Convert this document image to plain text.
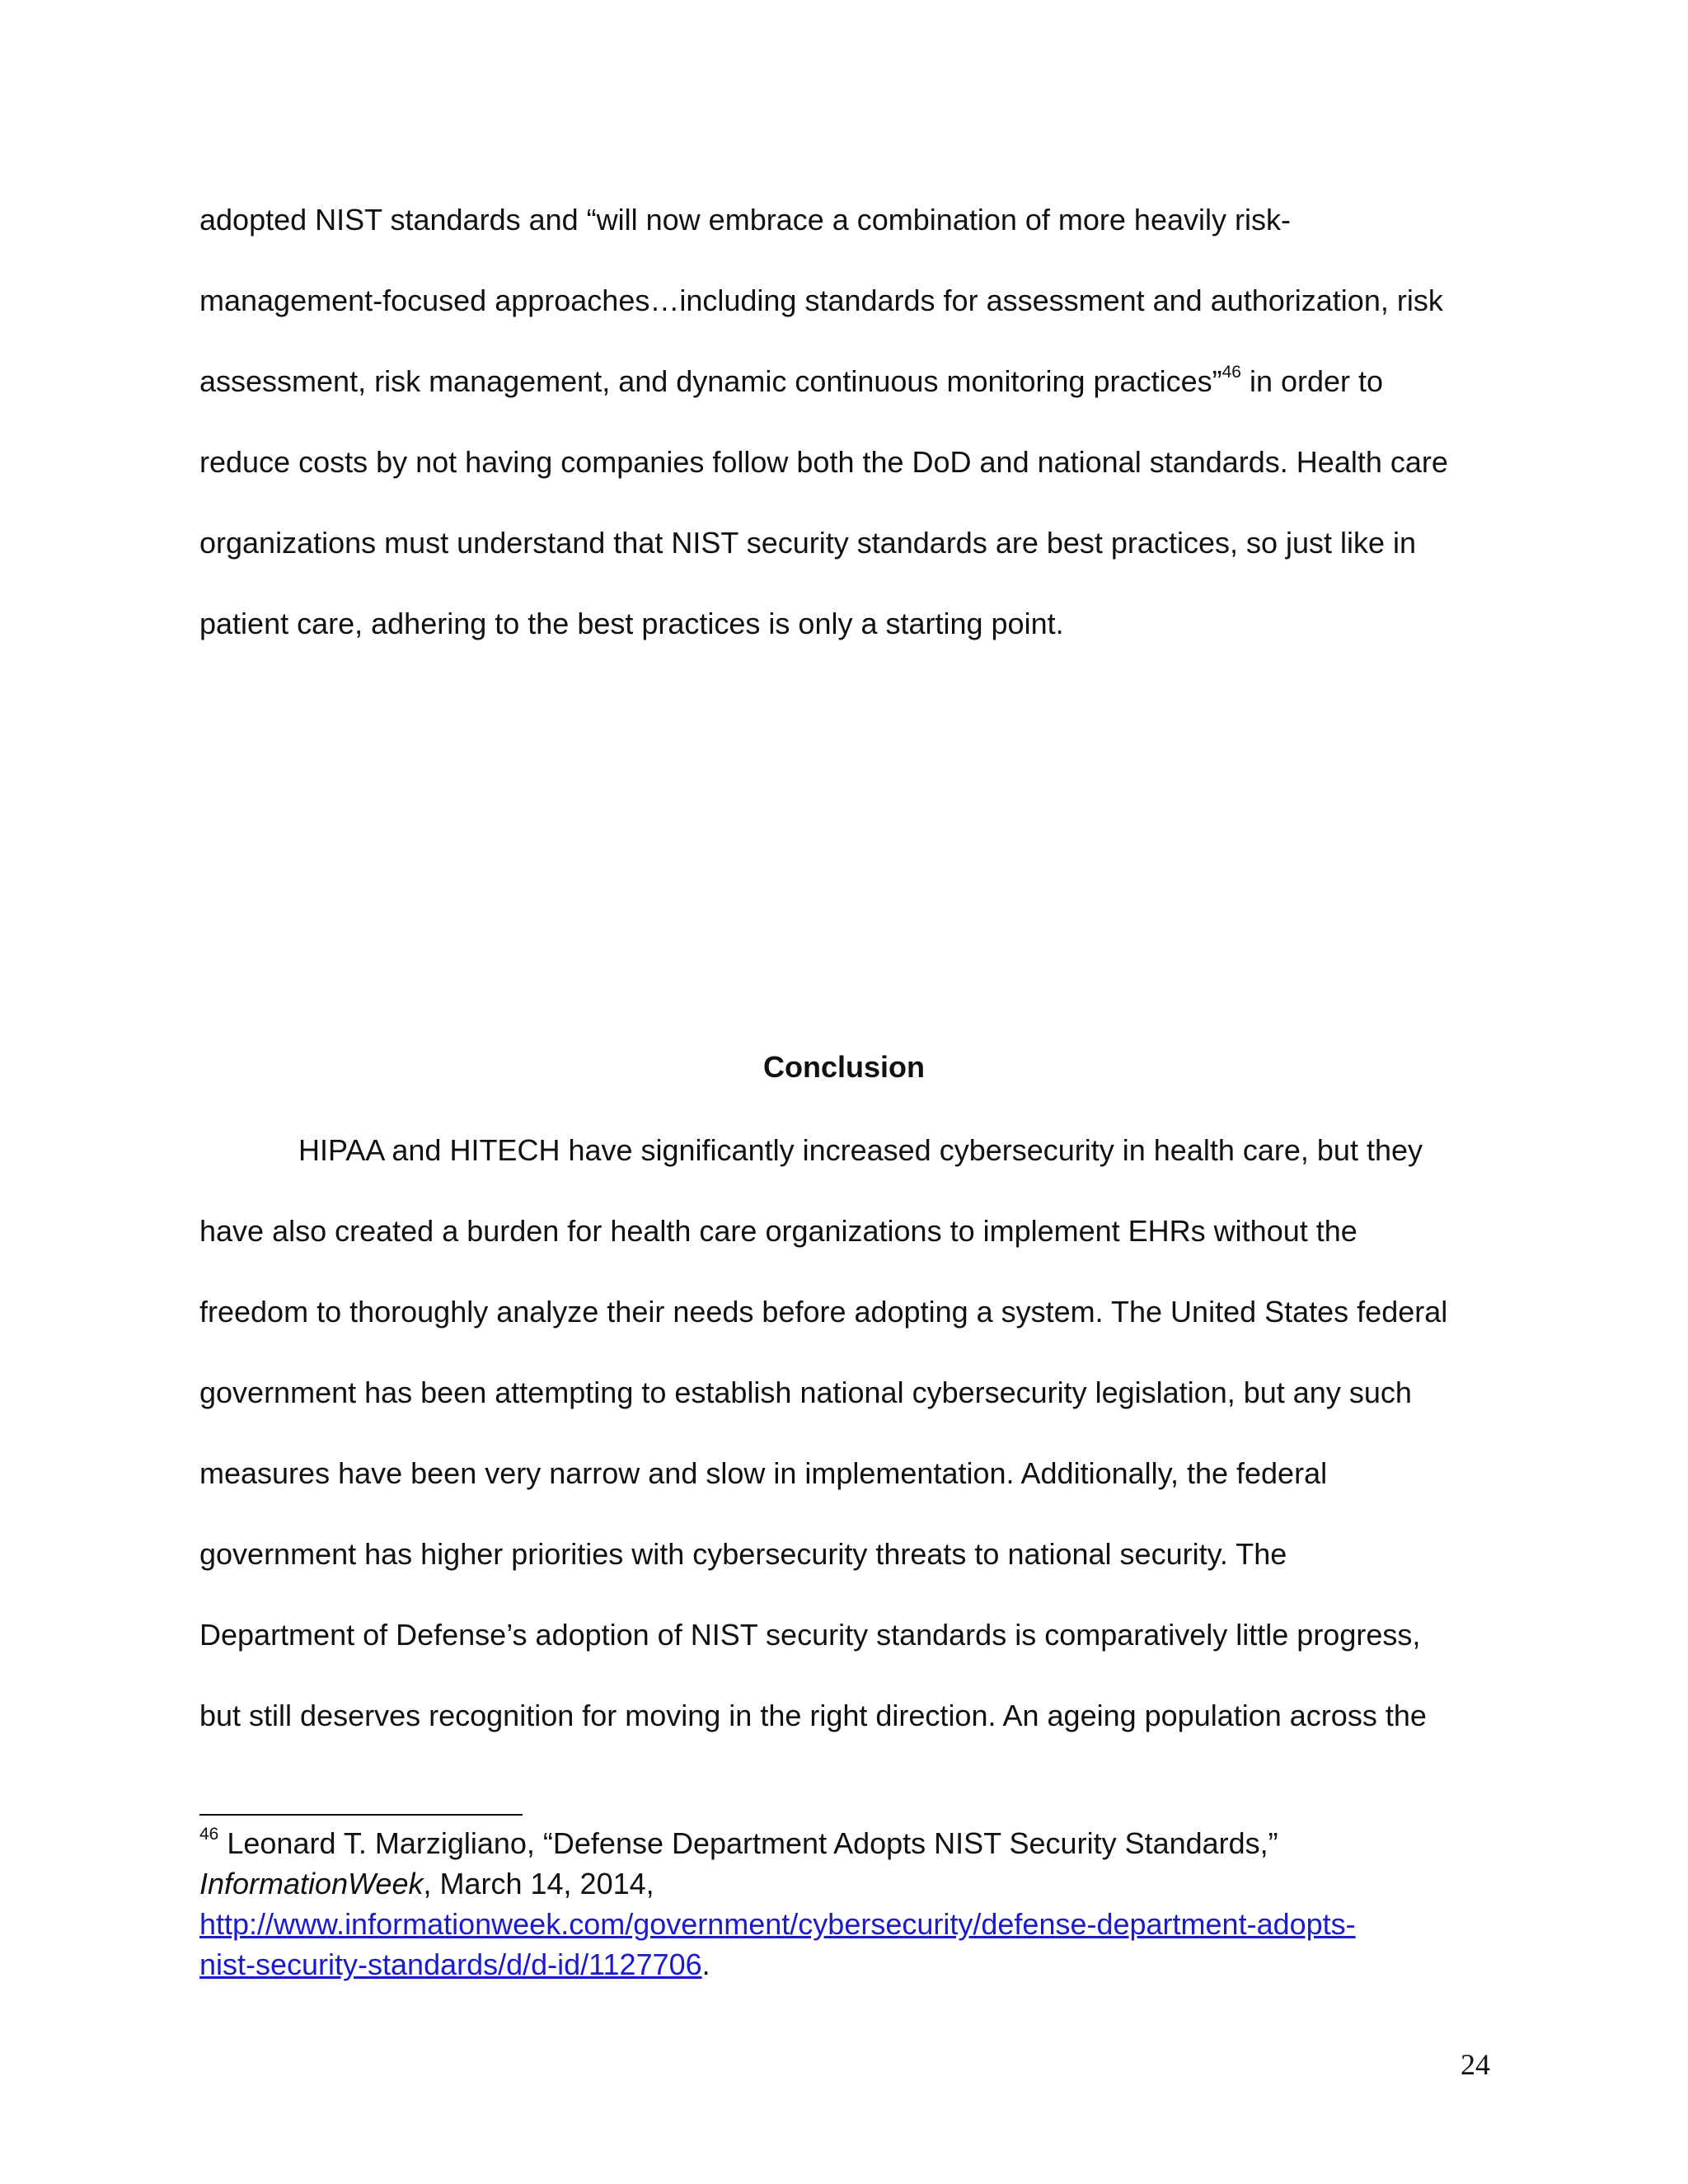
adopted NIST standards and “will now embrace a combination of more heavily risk-
management-focused approaches…including standards for assessment and authorization, risk
assessment, risk management, and dynamic continuous monitoring practices”$^{46}$ in order to
reduce costs by not having companies follow both the DoD and national standards. Health care
organizations must understand that NIST security standards are best practices, so just like in
patient care, adhering to the best practices is only a starting point.

Conclusion

HIPAA and HITECH have significantly increased cybersecurity in health care, but they
have also created a burden for health care organizations to implement EHRs without the
freedom to thoroughly analyze their needs before adopting a system. The United States federal
government has been attempting to establish national cybersecurity legislation, but any such
measures have been very narrow and slow in implementation. Additionally, the federal
government has higher priorities with cybersecurity threats to national security. The
Department of Defense’s adoption of NIST security standards is comparatively little progress,
but still deserves recognition for moving in the right direction. An ageing population across the

$^{46}$ Leonard T. Marzigliano, “Defense Department Adopts NIST Security Standards,”
InformationWeek, March 14, 2014,
http://www.informationweek.com/government/cybersecurity/defense-department-adopts-
nist-security-standards/d/d-id/1127706.
24
